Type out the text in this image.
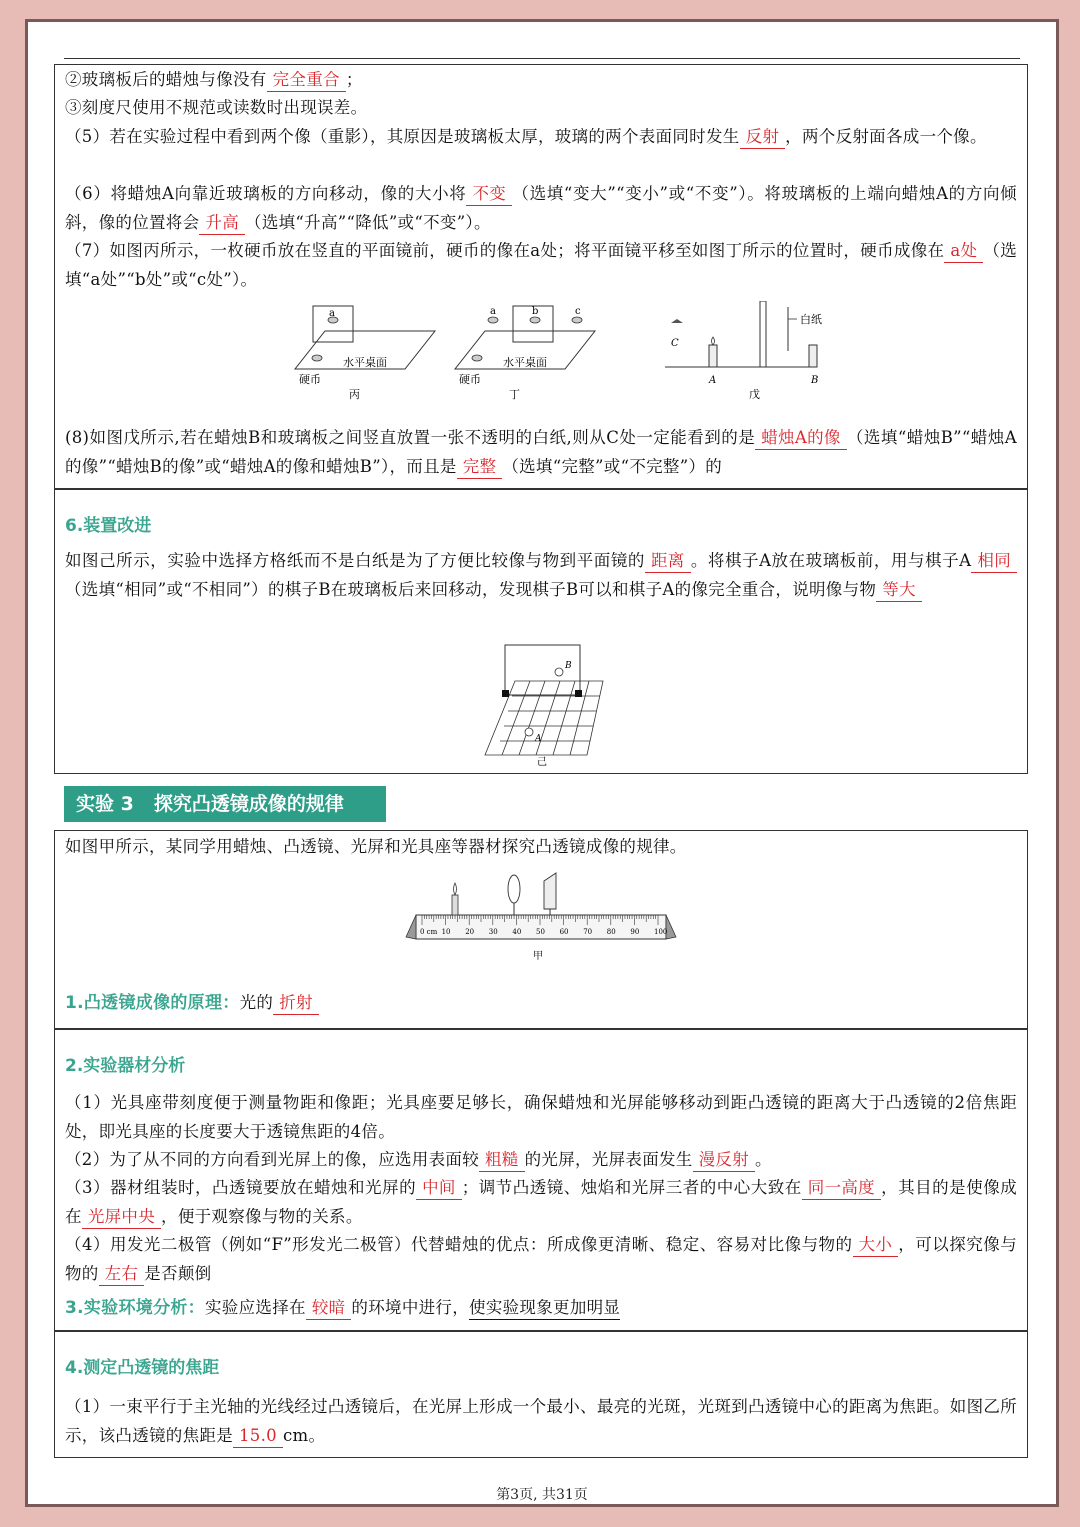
②玻璃板后的蜡烛与像没有 完全重合 ；
③刻度尺使用不规范或读数时出现误差。
（5）若在实验过程中看到两个像（重影），其原因是玻璃板太厚，玻璃的两个表面同时发生 反射 ，两个反射面各成一个像。
（6）将蜡烛A向靠近玻璃板的方向移动，像的大小将 不变 （选填“变大”“变小”或“不变”）。将玻璃板的上端向蜡烛A的方向倾斜，像的位置将会 升高 （选填“升高”“降低”或“不变”）。
（7）如图丙所示，一枚硬币放在竖直的平面镜前，硬币的像在a处；将平面镜平移至如图丁所示的位置时，硬币成像在 a处 （选填“a处”“b处”或“c处”）。
a
水平桌面
硬币
丙
a	b	c
水平桌面
硬币
丁
白纸
C
A	B
戊
(8)如图戊所示,若在蜡烛B和玻璃板之间竖直放置一张不透明的白纸,则从C处一定能看到的是 蜡烛A的像 （选填“蜡烛B”“蜡烛A的像”“蜡烛B的像”或“蜡烛A的像和蜡烛B”），而且是 完整 （选填“完整”或“不完整”）的
6.装置改进
如图己所示，实验中选择方格纸而不是白纸是为了方便比较像与物到平面镜的 距离 。将棋子A放在玻璃板前，用与棋子A 相同（选填“相同”或“不相同”）的棋子B在玻璃板后来回移动，发现棋子B可以和棋子A的像完全重合，说明像与物 等大
B
A
己
实验 3 探究凸透镜成像的规律
如图甲所示，某同学用蜡烛、凸透镜、光屏和光具座等器材探究凸透镜成像的规律。
0 cm 10 20 30 40 50 60 70 80 90 100
甲
1.凸透镜成像的原理：光的 折射
2.实验器材分析
（1）光具座带刻度便于测量物距和像距；光具座要足够长，确保蜡烛和光屏能够移动到距凸透镜的距离大于凸透镜的2倍焦距处，即光具座的长度要大于透镜焦距的4倍。
（2）为了从不同的方向看到光屏上的像，应选用表面较 粗糙 的光屏，光屏表面发生 漫反射 。
（3）器材组装时，凸透镜要放在蜡烛和光屏的 中间 ；调节凸透镜、烛焰和光屏三者的中心大致在 同一高度 ，其目的是使像成在 光屏中央 ，便于观察像与物的关系。
（4）用发光二极管（例如“F”形发光二极管）代替蜡烛的优点：所成像更清晰、稳定、容易对比像与物的 大小 ，可以探究像与物的 左右 是否颠倒
3.实验环境分析：实验应选择在 较暗 的环境中进行，使实验现象更加明显
4.测定凸透镜的焦距
（1）一束平行于主光轴的光线经过凸透镜后，在光屏上形成一个最小、最亮的光斑，光斑到凸透镜中心的距离为焦距。如图乙所示，该凸透镜的焦距是 15.0 cm。
第3页, 共31页
